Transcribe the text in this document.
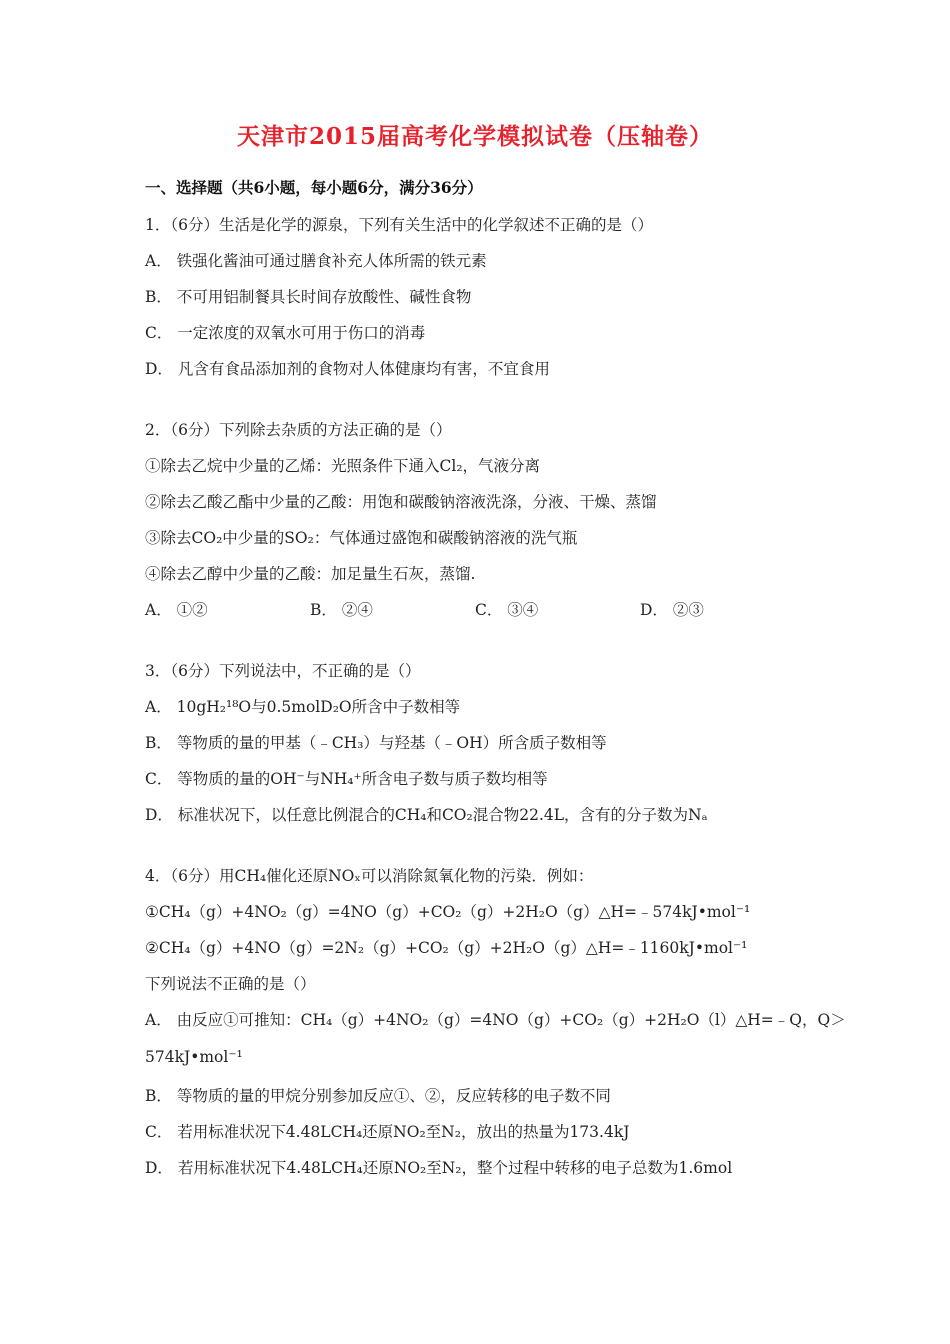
天津市2015届高考化学模拟试卷（压轴卷）
一、选择题（共6小题，每小题6分，满分36分）
1．（6分）生活是化学的源泉，下列有关生活中的化学叙述不正确的是（）
A． 铁强化酱油可通过膳食补充人体所需的铁元素
B． 不可用铝制餐具长时间存放酸性、碱性食物
C． 一定浓度的双氧水可用于伤口的消毒
D． 凡含有食品添加剂的食物对人体健康均有害，不宜食用
2．（6分）下列除去杂质的方法正确的是（）
①除去乙烷中少量的乙烯：光照条件下通入Cl₂，气液分离
②除去乙酸乙酯中少量的乙酸：用饱和碳酸钠溶液洗涤，分液、干燥、蒸馏
③除去CO₂中少量的SO₂：气体通过盛饱和碳酸钠溶液的洗气瓶
④除去乙醇中少量的乙酸：加足量生石灰，蒸馏.
A． ①②	B． ②④	C． ③④	D． ②③
3．（6分）下列说法中，不正确的是（）
A． 10gH₂¹⁸O与0.5molD₂O所含中子数相等
B． 等物质的量的甲基（﹣CH₃）与羟基（﹣OH）所含质子数相等
C． 等物质的量的OH⁻与NH₄⁺所含电子数与质子数均相等
D． 标准状况下，以任意比例混合的CH₄和CO₂混合物22.4L，含有的分子数为Nₐ
4．（6分）用CH₄催化还原NOₓ可以消除氮氧化物的污染．例如：
①CH₄（g）+4NO₂（g）=4NO（g）+CO₂（g）+2H₂O（g）△H=﹣574kJ•mol⁻¹
②CH₄（g）+4NO（g）=2N₂（g）+CO₂（g）+2H₂O（g）△H=﹣1160kJ•mol⁻¹
下列说法不正确的是（）
A． 由反应①可推知：CH₄（g）+4NO₂（g）=4NO（g）+CO₂（g）+2H₂O（l）△H=﹣Q，Q＞
574kJ•mol⁻¹
B． 等物质的量的甲烷分别参加反应①、②，反应转移的电子数不同
C． 若用标准状况下4.48LCH₄还原NO₂至N₂，放出的热量为173.4kJ
D． 若用标准状况下4.48LCH₄还原NO₂至N₂，整个过程中转移的电子总数为1.6mol
